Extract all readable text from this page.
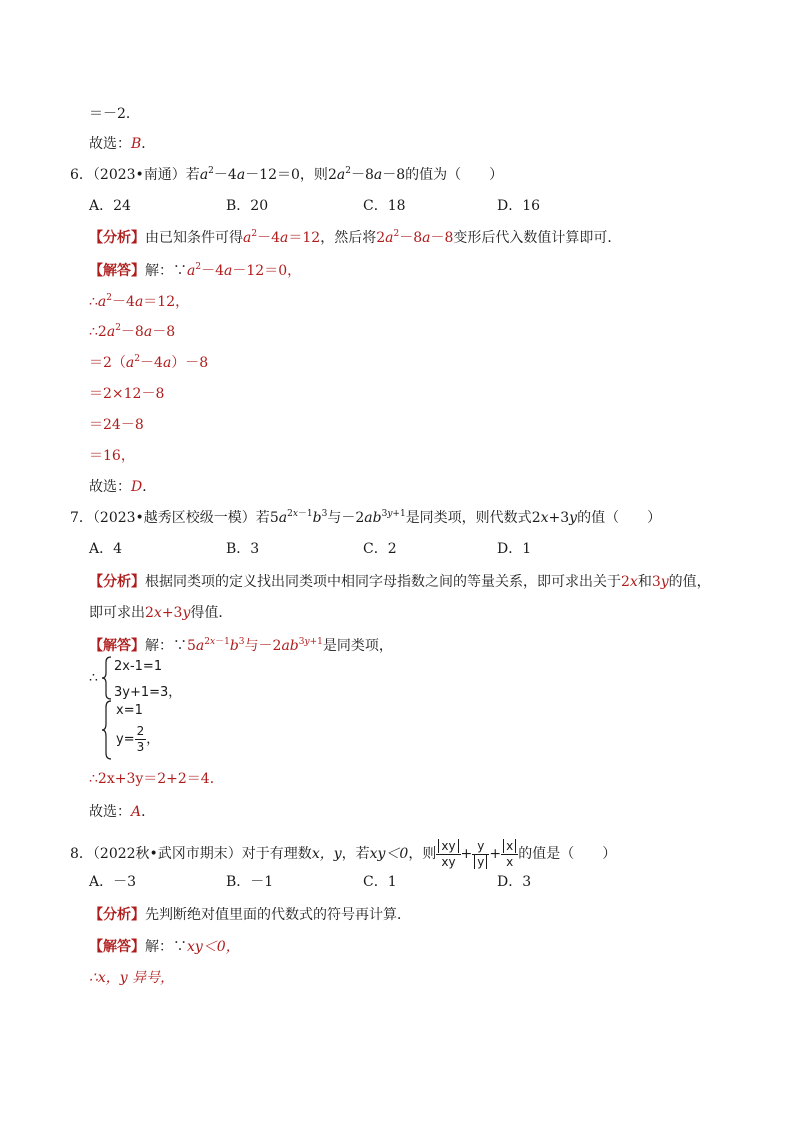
＝－2．
故选：B．
6．（2023•南通）若$a^2-4a-12=0$，则$2a^2-8a-8$的值为（　　）
A．24	B．20	C．18	D．16
【分析】由已知条件可得$a^2-4a=12$，然后将$2a^2-8a-8$变形后代入数值计算即可．
【解答】解：$\because a^2-4a-12=0$，
$\therefore a^2-4a=12$，
$\therefore 2a^2-8a-8$
$=2(a^2-4a)-8$
＝2×12－8
＝24－8
＝16，
故选：D．
7．（2023•越秀区校级一模）若$5a^{2x-1}b^3$与$-2ab^{3y+1}$是同类项，则代数式2x+3y的值（　　）
A．4	B．3	C．2	D．1
【分析】根据同类项的定义找出同类项中相同字母指数之间的等量关系，即可求出关于2x和3y的值，
即可求出2x+3y得值．
【解答】解：$\because 5a^{2x-1}b^3$与$-2ab^{3y+1}$是同类项，
∴
2x-1=1
3y+1=3，
x=1
$y= \frac{2}{3}$ ，
∴2x+3y＝2+2＝4．
故选：A．
8．（2022秋•武冈市期末）对于有理数x，y，若xy＜0，则 $\frac{xy}{xy} + \frac{y}{y} + \frac{x}{x}$ 的值是（　　）
A．－3	B．－1	C．1	D．3
【分析】先判断绝对值里面的代数式的符号再计算．
【解答】解：∵xy＜0，
∴x，y 异号，
